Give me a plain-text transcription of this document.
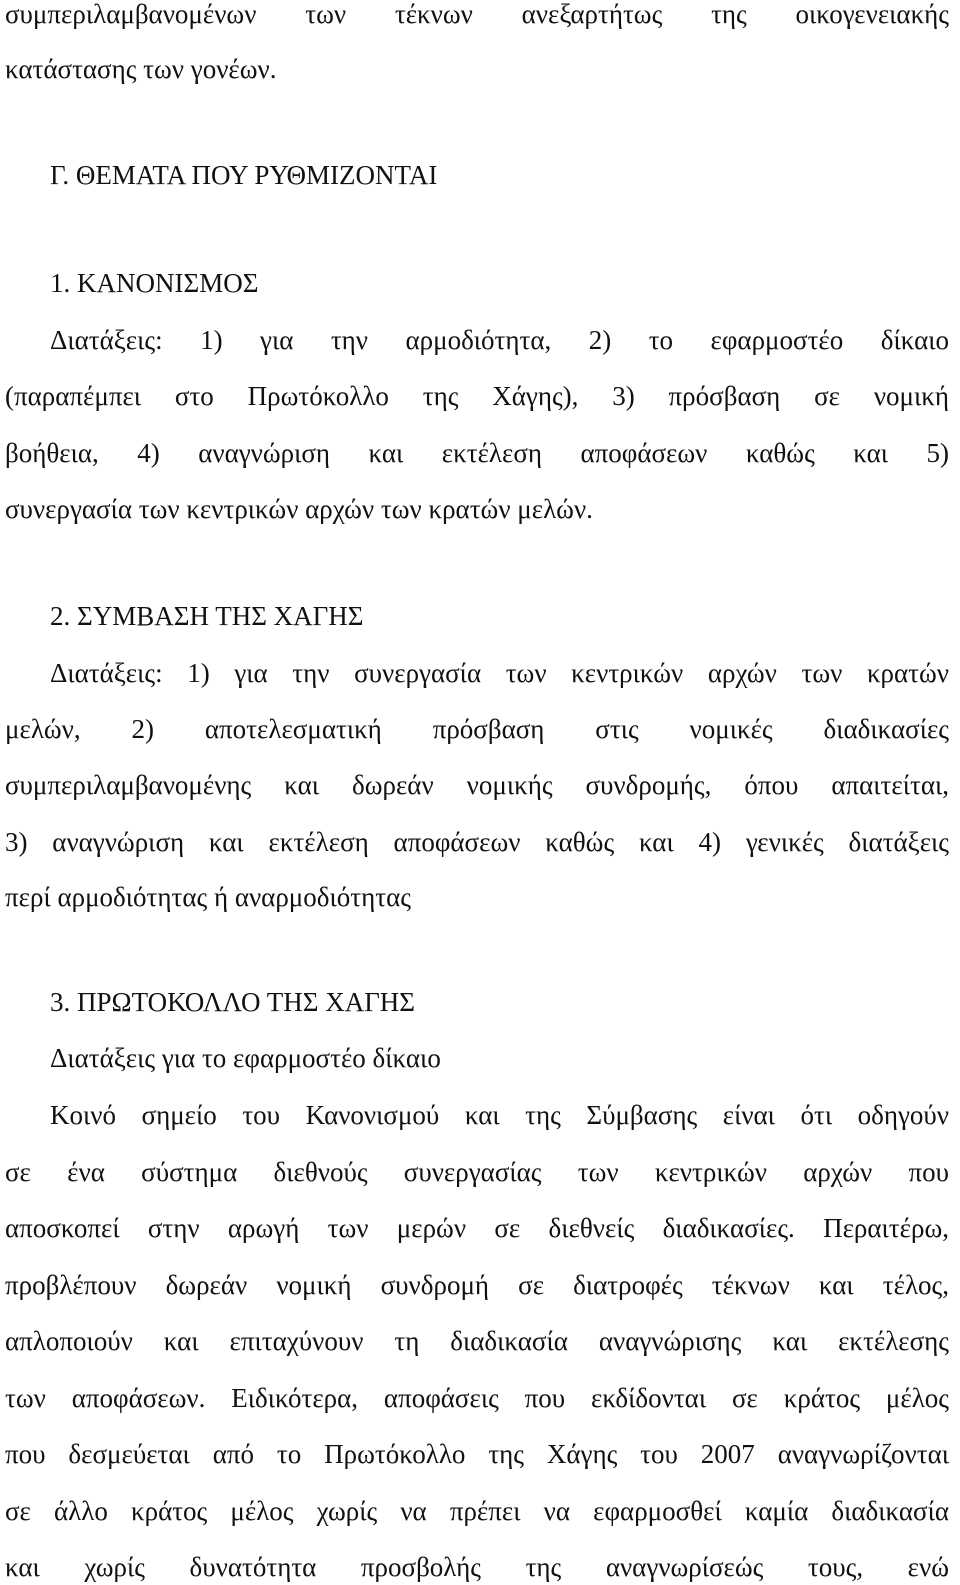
συμπεριλαμβανομένων των τέκνων ανεξαρτήτως της οικογενειακής
κατάστασης των γονέων.
Γ. ΘΕΜΑΤΑ ΠΟΥ ΡΥΘΜΙΖΟΝΤΑΙ
1. ΚΑΝΟΝΙΣΜΟΣ
Διατάξεις: 1) για την αρμοδιότητα, 2) το εφαρμοστέο δίκαιο
(παραπέμπει στο Πρωτόκολλο της Χάγης), 3) πρόσβαση σε νομική
βοήθεια, 4) αναγνώριση και εκτέλεση αποφάσεων καθώς και 5)
συνεργασία των κεντρικών αρχών των κρατών μελών.
2. ΣΥΜΒΑΣΗ ΤΗΣ ΧΑΓΗΣ
Διατάξεις: 1) για την συνεργασία των κεντρικών αρχών των κρατών
μελών, 2) αποτελεσματική πρόσβαση στις νομικές διαδικασίες
συμπεριλαμβανομένης και δωρεάν νομικής συνδρομής, όπου απαιτείται,
3) αναγνώριση και εκτέλεση αποφάσεων καθώς και 4) γενικές διατάξεις
περί αρμοδιότητας ή αναρμοδιότητας
3. ΠΡΩΤΟΚΟΛΛΟ ΤΗΣ ΧΑΓΗΣ
Διατάξεις για το εφαρμοστέο δίκαιο
Κοινό σημείο του Κανονισμού και της Σύμβασης είναι ότι οδηγούν
σε ένα σύστημα διεθνούς συνεργασίας των κεντρικών αρχών που
αποσκοπεί στην αρωγή των μερών σε διεθνείς διαδικασίες. Περαιτέρω,
προβλέπουν δωρεάν νομική συνδρομή σε διατροφές τέκνων και τέλος,
απλοποιούν και επιταχύνουν τη διαδικασία αναγνώρισης και εκτέλεσης
των αποφάσεων. Ειδικότερα, αποφάσεις που εκδίδονται σε κράτος μέλος
που δεσμεύεται από το Πρωτόκολλο της Χάγης του 2007 αναγνωρίζονται
σε άλλο κράτος μέλος χωρίς να πρέπει να εφαρμοσθεί καμία διαδικασία
και χωρίς δυνατότητα προσβολής της αναγνωρίσεώς τους, ενώ
